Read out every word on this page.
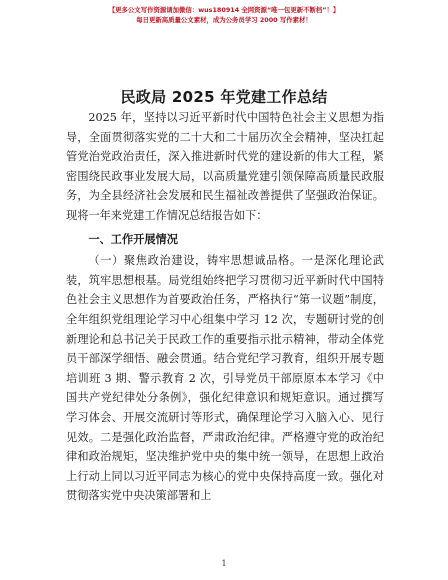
【更多公文写作资源请加微信：wus180914 全网资源“唯一包更新不断档”！】
每日更新高质量公文素材，成为公务员学习 2000 写作素材！
民政局 2025 年党建工作总结

2025 年，坚持以习近平新时代中国特色社会主义思想为指导，全面贯彻落实党的二十大和二十届历次全会精神，坚决扛起管党治党政治责任，深入推进新时代党的建设新的伟大工程，紧密围绕民政事业发展大局，以高质量党建引领保障高质量民政服务，为全县经济社会发展和民生福祉改善提供了坚强政治保证。现将一年来党建工作情况总结报告如下：

一、工作开展情况

（一）聚焦政治建设，铸牢思想诚品格。一是深化理论武装，筑牢思想根基。局党组始终把学习贯彻习近平新时代中国特色社会主义思想作为首要政治任务，严格执行“第一议题”制度，全年组织党组理论学习中心组集中学习 12 次，专题研讨党的创新理论和总书记关于民政工作的重要指示批示精神，带动全体党员干部深学细悟、融会贯通。结合党纪学习教育，组织开展专题培训班 3 期、警示教育 2 次，引导党员干部原原本本学习《中国共产党纪律处分条例》，强化纪律意识和规矩意识。通过撰写学习体会、开展交流研讨等形式，确保理论学习入脑入心、见行见效。二是强化政治监督，严肃政治纪律。严格遵守党的政治纪律和政治规矩，坚决维护党中央的集中统一领导，在思想上政治上行动上同以习近平同志为核心的党中央保持高度一致。强化对贯彻落实党中央决策部署和上

1
